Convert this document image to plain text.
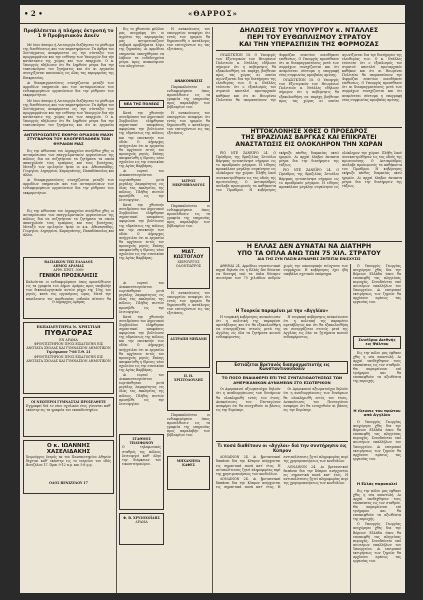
• 2 •	«ΘΑΡΡΟΣ»
Προβλέπεται ή πλήρης έκτροπή το 1 9 Προβησιακόν Δεκέν

Μέ ίσον άπτομο ή Λειτουργία διεξάγεται το μίσθωμα της διευθύνσεως και των παρατηρήσεων. Τα άρθρα του Συντάγματος αναφέρονται εις την σύνταξιν των προγραμμάτων και την ευθύνην των Υπουργών δια τήν κατάστασιν της χώρας και των επαρχιών. Ο κ. Υπουργός εδήλωσεν ότι θα ληφθούν μέτρα δια την τακτοποίησιν του ζητήματος και ότι αι εργασίαι συνεχίζονται κανονικώς εις όλας τας περιφερείας της Επικρατείας.

Αι διαπραγματεύσεις συνεχίζονται μεταξύ των αρμοδίων υπηρεσιών και των αντιπροσώπων των ενδιαφερομένων οργανώσεων δια την ρύθμισιν των εκκρεμοτήτων.

Μέ ίσον άπτομο ή Λειτουργία διεξάγεται το μίσθωμα της διευθύνσεως και των παρατηρήσεων. Τα άρθρα του Συντάγματος αναφέρονται εις την σύνταξιν των προγραμμάτων και την ευθύνην των Υπουργών δια τήν κατάστασιν της χώρας και των επαρχιών. Ο κ. Υπουργός εδήλωσεν ότι θα ληφθούν μέτρα δια την τακτοποίησιν του ζητήματος και ότι αι εργασίαι

ΑΝΤΙΠΡΟΣΩΠΕΥΣ ΕΚΘΡΟΙ ΟΡΙΑΧΟΝ ΜΑΧΗ ΣΤΥΓΒΑΡΟΝ ΤΟΥ ΚΛΟΠΡΕΠΛΩΘΕΝ ΤΩΝ ΘΥΡΑΙΩΝ ΜΑΣ

Εις την αίθουσαν του Δημαρχείου συνήλθον χθες οι αντιπρόσωποι των επαγγελματικών οργανώσεων της πόλεως δια να συζητήσουν τα ζητήματα τα οποία απασχολούν τους εμπόρους και τους βιοτέχνας. Μεταξύ των ομιλητών ήσαν οι κ.κ. Αθανασιάδης, Γεωργίου, Δημητρίου, Καραγιάννης, Παπαδόπουλος και άλλοι.

Αι διαπραγματεύσεις συνεχίζονται μεταξύ των αρμοδίων υπηρεσιών και των αντιπροσώπων των ενδιαφερομένων οργανώσεων δια την ρύθμισιν των εκκρεμοτήτων.

Εις την αίθουσαν του Δημαρχείου συνήλθον χθες οι αντιπρόσωποι των επαγγελματικών οργανώσεων της πόλεως δια να συζητήσουν τα ζητήματα τα οποία απασχολούν τους εμπόρους και τους βιοτέχνας. Μεταξύ των ομιλητών ήσαν οι κ.κ. Αθανασιάδης, Γεωργίου, Δημητρίου, Καραγιάννης, Παπαδόπουλος και άλλοι.

ΒΑΣΙΛΙΚΟΝ ΤΗΣ ΕΛΛΑΔΟΣ
ΔΗΜΟΣ ΔΡΑΜΑΣ
ΑΡΙΘ. ΠΡΩΤ. 3069
ΓΕΝΙΚΗ ΠΡΟΣΚΛΗΣΙΣ
Καλούνται οι ενδιαφερόμενοι όπως προσέλθωσιν εις τα γραφεία του Δήμου Δράμας προς υποβολήν των δικαιολογητικών αυτών μέχρι της 15ης του μηνός, κατά τας εργασίμους ώρας. Μετά την παρέλευσιν της προθεσμίας ουδεμία αίτησις θα
Ο Δήμαρχος Δράμας
ΕΚΠΑΙΔΕΥΤΗΡΙΑ Ν. ΧΡΗΣΤΙΔΗ
ΠΥΘΑΓΟΡΑΣ
ΕΝ ΔΡΑΜΑ
ΦΡΟΝΤΙΣΤΗΡΙΟΝ ΠΡΟΣ ΕΙΣΑΓΩΓΗΝ ΕΙΣ ΑΝΩΤΑΤΑ ΣΧΟΛΑΣ ΚΑΙ ΓΥΜΝΑΣΙΟΝ ΔΗΜΟΤΙΚΟΝ
Τηλέφωνον 7-66 Τ.Θ. 21
ΦΡΟΝΤΙΣΤΗΡΙΟΝ ΠΡΟΣ ΕΙΣΑΓΩΓΗΝ ΕΙΣ ΑΝΩΤΑΤΑ ΣΧΟΛΑΣ ΚΑΙ ΓΥΜΝΑΣΙΟΝ ΔΗΜΟΤΙΚΟΝ
ΟΙ ΝΕΩΤΕΡΟΙ ΓΥΜΝΑΣΤΑΙ ΠΡΟΣΕΛΘΕΤΕ
Εγγραφαί διά το νέον σχολικόν έτος γίνονται καθ' εκάστην εις τα γραφεία του εκπαιδευτηρίου.
Ο κ. ΙΩΑΝΝΗΣ ΧΑΣΕΛΙΔΑΚΗΣ
Χειρούργος Ιατρός εκ του Πανεπιστημίου Αθηνών δέχεται καθ' εκάστην εις το ιατρείον του οδός Βενιζέλου 17. Ώραι 9-12 π.μ. και 5-8 μ.μ.
ΟΔΟΣ ΒΕΝΙΖΕΛΟΥ 17

Εις το χθεσινόν φύλλον μας ανεγράφη ότι οι αγρόται της περιφερείας μας αντιμετωπίζουν σοβαρά προβλήματα λόγω της ξηρασίας. Αι αρμόδιαι υπηρεσίαι υπεσχέθησαν να λάβουν τα ενδεδειγμένα μέτρα προς ανακούφισιν των πληγέντων.

ΝΕΑ ΤΗΣ ΠΟΛΕΩΣ

Κατά την χθεσινήν συνεδρίασιν του Δημοτικού Συμβουλίου ελήφθησαν σημαντικαί αποφάσεις αφορώσαι την βελτίωσιν της υδρεύσεως της πόλεως και την επισκευήν των οδών. Ο Δήμαρχος ανήγγειλεν ότι αι εργασίαι θα αρχίσουν εντός του προσεχούς μηνός. Επίσης απεφασίσθη η ίδρυσις νέου σχολείου εις την συνοικίαν της Αγίας Βαρβάρας.

Αι εορταί του Δεκαπενταυγούστου εωρτάσθησαν μετά μεγάλης λαμπρότητος εις όλας τας εκκλησίας της πόλεως. Πλήθος πιστών προσήλθε εις την λειτουργίαν.

Κατά την χθεσινήν συνεδρίασιν του Δημοτικού Συμβουλίου ελήφθησαν σημαντικαί αποφάσεις αφορώσαι την βελτίωσιν της υδρεύσεως της πόλεως και την επισκευήν των οδών. Ο Δήμαρχος ανήγγειλεν ότι αι εργασίαι θα αρχίσουν εντός του προσεχούς μηνός. Επίσης απεφασίσθη η ίδρυσις νέου σχολείου εις την συνοικίαν της Αγίας Βαρβάρας.

Αι εορταί του Δεκαπενταυγούστου εωρτάσθησαν μετά μεγάλης λαμπρότητος εις όλας τας εκκλησίας της πόλεως. Πλήθος πιστών προσήλθε εις την λειτουργίαν.

Κατά την χθεσινήν συνεδρίασιν του Δημοτικού Συμβουλίου ελήφθησαν σημαντικαί αποφάσεις αφορώσαι την βελτίωσιν της υδρεύσεως της πόλεως και την επισκευήν των οδών. Ο Δήμαρχος ανήγγειλεν ότι αι εργασίαι θα αρχίσουν εντός του προσεχούς μηνός. Επίσης απεφασίσθη η ίδρυσις νέου σχολείου εις την συνοικίαν της Αγίας Βαρβάρας.

Αι εορταί του Δεκαπενταυγούστου εωρτάσθησαν μετά μεγάλης λαμπρότητος εις όλας τας εκκλησίας της πόλεως. Πλήθος πιστών προσήλθε εις την λειτουργίαν.

ΣΤΑΘΜΟΣ ΤΗΛΕΦΩΝΟΥ
Ο τηλεφωνικός σταθμός της πόλεως λειτουργεί καθ' όλην την διάρκειαν του εικοσιτετραώρου.
Φ. Β. ΧΡΥΣΟΧΟΪΔΗΣ
ΔΡΑΜΑ

Η ανακοίνωσις του υπουργείου αναφέρει ότι εντός των ημερών θα δημοσιευθή ο κατάλογος των επιτυχόντων εις τας εξετάσεις.

ΑΝΑΚΟΙΝΩΣΙΣ

Παρακαλούνται οι ενδιαφερόμενοι όπως προσέλθωσιν εις τα γραφεία της υπηρεσίας προς παραλαβήν των βιβλιαρίων των.

Η ανακοίνωσις του υπουργείου αναφέρει ότι εντός των ημερών θα δημοσιευθή ο κατάλογος των επιτυχόντων εις τας εξετάσεις.

ΙΑΤΡΟΣ ΜΙΚΡΟΒΙΟΛΟΓΟΣ

Παρακαλούνται οι ενδιαφερόμενοι όπως προσέλθωσιν εις τα γραφεία της υπηρεσίας προς παραλαβήν των βιβλιαρίων των.

ΜΙΑΤ. ΚΩΣΤΟΓΛΟΥ
ΧΕΙΡΟΥΡΓΟΣ ΟΔΟΝΤΙΑΤΡΟΣ

Η ανακοίνωσις του υπουργείου αναφέρει ότι εντός των ημερών θα δημοσιευθή ο κατάλογος των επιτυχόντων εις τας εξετάσεις.

ΑΣΤΡΑΠΗ ΜΗΧΑΝΗ
Π. Η. ΧΡΙΣΤΟΔΟΥΛΗΣ

Παρακαλούνται οι ενδιαφερόμενοι όπως προσέλθωσιν εις τα γραφεία της υπηρεσίας προς παραλαβήν των βιβλιαρίων των.

ΜΗΧΑΝΗΜΑ ΚΑΦΕΣ
ΔΗΛΩΣΕΙΣ ΤΟΥ ΥΠΟΥΡΓΟΥ κ. ΝΤΑΛΛΕΣ
ΠΕΡΙ ΤΟΥ ΕΥΘΩΠΛΙΣΜΟΥ ΣΤΡΑΤΟΥ
ΚΑΙ ΤΗΝ ΥΠΕΡΑΣΠΙΣΙΝ ΤΗΣ ΦΟΡΜΟΖΑΣ

ΟΥΑΣΙΓΚΤΩΝ 18. Ο Υπουργός των Εξωτερικών των Ηνωμένων Πολιτειών κ. Ντάλλες εδήλωσε σήμερον ότι η κυβέρνησις θα εξακολουθήση να παρέχη βοήθειαν προς τας χώρας αι οποίαι αγωνίζονται δια την διατήρησιν της ελευθερίας των. Ο κ. Ντάλλες ετόνισεν ότι ο εξοπλισμός του στρατού αποτελεί πρωταρχικόν καθήκον και ότι αι Ηνωμέναι Πολιτείαι θα υπερασπίσουν την Φορμόζαν εναντίον οιασδήποτε επιθέσεως. Ο Υπουργός προσέθεσεν ότι αι διαπραγματεύσεις μετά των συμμάχων συνεχίζονται και ότι αναμένεται σύντομα η υπογραφή νέας συμφωνίας αμοιβαίας αμύνης.

ΟΥΑΣΙΓΚΤΩΝ 18. Ο Υπουργός των Εξωτερικών των Ηνωμένων Πολιτειών κ. Ντάλλες εδήλωσε σήμερον ότι η κυβέρνησις θα εξακολουθήση να παρέχη βοήθειαν προς τας χώρας αι οποίαι αγωνίζονται δια την διατήρησιν της ελευθερίας των. Ο κ. Ντάλλες ετόνισεν ότι ο εξοπλισμός του στρατού αποτελεί πρωταρχικόν καθήκον και ότι αι Ηνωμέναι Πολιτείαι θα υπερασπίσουν την Φορμόζαν εναντίον οιασδήποτε επιθέσεως. Ο Υπουργός προσέθεσεν ότι αι διαπραγματεύσεις μετά των συμμάχων συνεχίζονται και ότι αναμένεται σύντομα η υπογραφή νέας συμφωνίας αμοιβαίας αμύνης.

ΗΤΤΟΚΛΟΝΗΣΕ ΧΘΕΣ Ο ΠΡΟΕΔΡΟΣ
ΤΗΣ ΒΡΑΖΙΛΙΑΣ ΒΑΡΓΚΑΣ ΚΑΙ ΕΠΙΚΡΑΤΕΙ
ΑΝΑΣΤΑΤΩΣΙΣ ΕΙΣ ΟΛΟΚΛΗΡΟΝ ΤΗΝ ΧΩΡΑΝ

ΡΙΟ ΝΤΕ ΖΑΝΕΪΡΟ 24. Ο Πρόεδρος της Βραζιλίας Ζετούλιο Βάργκας ηυτοκτόνησε σήμερον εις το προεδρικόν μέγαρον. Η είδησις προεκάλεσε μεγάλην συγκίνησιν εις ολόκληρον την χώραν. Πλήθη λαού συνεκεντρώθησαν εις τας οδούς της πρωτευούσης. Ο Αντιπρόεδρος ανέλαβε προσωρινώς τα καθήκοντα του Προέδρου. Η κυβέρνησις εκήρυξε πένθος διαρκείας οκτώ ημερών. Αι αρχαί έλαβον έκτακτα μέτρα δια την διατήρησιν της τάξεως.

ΡΙΟ ΝΤΕ ΖΑΝΕΪΡΟ 24. Ο Πρόεδρος της Βραζιλίας Ζετούλιο Βάργκας ηυτοκτόνησε σήμερον εις το προεδρικόν μέγαρον. Η είδησις προεκάλεσε μεγάλην συγκίνησιν εις ολόκληρον την χώραν. Πλήθη λαού συνεκεντρώθησαν εις τας οδούς της πρωτευούσης. Ο Αντιπρόεδρος ανέλαβε προσωρινώς τα καθήκοντα του Προέδρου. Η κυβέρνησις εκήρυξε πένθος διαρκείας οκτώ ημερών. Αι αρχαί έλαβον έκτακτα μέτρα δια την διατήρησιν της τάξεως.

Η ΕΛΛΑΣ ΔΕΝ ΔΥΝΑΤΑΙ ΝΑ ΔΙΑΤΗΡΗ
ΥΠΟ ΤΑ ΟΠΛΑ ΑΝΩ ΤΩΝ 75 ΧΙΛ. ΣΤΡΑΤΟΥ
ΔΙΑ ΤΗΣ ΣΥΝ ΠΑΣΙΝ ΔΥΝΑΜΕΙΣ ΖΗΤΕΙΤΑΙ ΕΝΙΣΧΥΣΙΣ

ΑΘΗΝΑΙ 24. Αρμόδιαι στρατιωτικαί πηγαί δηλούν ότι η Ελλάς δεν δύναται να διατηρή υπό τα όπλα δύναμιν ανωτέραν των 75 χιλιάδων ανδρών χωρίς την οικονομικήν ενίσχυσιν των συμμάχων. Η κυβέρνησις έχει ήδη υποβάλει σχετικόν υπόμνημα.

Η Τουρκία παραμένει με την «Αγγλίαν»

Η τουρκική κυβέρνησις ανεκοίνωσεν ότι η πολιτική της παραμένει αμετάβλητος και ότι θα εξακολουθήση να συνεργάζεται στενώς μετά της Αγγλίας εις όλα τα ζητήματα κοινού ενδιαφέροντος.

Η τουρκική κυβέρνησις ανεκοίνωσεν ότι η πολιτική της παραμένει αμετάβλητος και ότι θα εξακολουθήση να συνεργάζεται στενώς μετά της Αγγλίας εις όλα τα ζητήματα κοινού ενδιαφέροντος.

Εστιάζεται Βρετανός διαπραγματευτής εις Κωνσταντινούπολιν
ΤΟ ΠΟΣΟ ΕΝΔΙΑΦΕΡΕΙ ΕΠΙ ΤΗΣ ΣΥΝΤΑΞΙΟΔΟΤΗΣΕΩΣ ΤΩΝ ΑΜΕΡΙΚΑΝΙΚΩΝ ΔΥΝΑΜΕΩΝ ΣΤΟ ΕΣΩΤΕΡΙΚΟΝ

Οι Αμερικανοί αξιωματούχοι δηλούν ότι η αναδιοργάνωσις των δυνάμεων θα ολοκληρωθή εντός του έτους. Ανακοίνωσις του Πενταγώνου αναφέρει ότι θα ενισχυθούν αι βάσεις εις την Ευρώπην.

Οι Αμερικανοί αξιωματούχοι δηλούν ότι η αναδιοργάνωσις των δυνάμεων θα ολοκληρωθή εντός του έτους. Ανακοίνωσις του Πενταγώνου αναφέρει ότι θα ενισχυθούν αι βάσεις εις την Ευρώπην.

Τι ποσά διαθέτουν οι «Αγγλοι» διά την συντήρησιν εις Κύπρον

ΛΟΝΔΙΝΟΝ 24. Αι βρεταννικαί δαπάναι δια την Κύπρον ανέρχονται εις σημαντικά ποσά κατ' έτος. Η αντιπολίτευσις ζητεί πληροφορίας περί της χρησιμοποιήσεως των κονδυλίων.

ΛΟΝΔΙΝΟΝ 24. Αι βρεταννικαί δαπάναι δια την Κύπρον ανέρχονται εις σημαντικά ποσά κατ' έτος. Η αντιπολίτευσις ζητεί πληροφορίας περί της χρησιμοποιήσεως των κονδυλίων.

ΛΟΝΔΙΝΟΝ 24. Αι βρεταννικαί δαπάναι δια την Κύπρον ανέρχονται εις σημαντικά ποσά κατ' έτος. Η αντιπολίτευσις ζητεί πληροφορίας περί της χρησιμοποιήσεως των κονδυλίων.

Ο Υπουργός Γεωργίας ανεχώρησε χθες δια την Βόρειον Ελλάδα όπου θα επισκεφθή τας πληγείσας περιοχάς. Συνοδεύεται υπό ανωτέρων υπαλλήλων του Υπουργείου. Αι επιτροπαί εκτιμήσεως των ζημιών θα αρχίσουν αμέσως τας εργασίας των.

Συνέδρια Διεθνής εις Ψάλτου

Εις την πόλιν μας έφθασε χθες η νέα αποστολή. Αι αρχαί υπεδέχθησαν τους επισκέπτας εις τον σταθμόν. Θα παραμείνουν επί τριήμερον και θα επισκεφθούν τα αξιοθέατα της περιοχής.

Η έλευσις του πρώτου από Αγγλίαν

Ο Υπουργός Γεωργίας ανεχώρησε χθες δια την Βόρειον Ελλάδα όπου θα επισκεφθή τας πληγείσας περιοχάς. Συνοδεύεται υπό ανωτέρων υπαλλήλων του Υπουργείου. Αι επιτροπαί εκτιμήσεως των ζημιών θα αρχίσουν αμέσως τας εργασίας των.

Η Ελλάς παρακαλεί

Εις την πόλιν μας έφθασε χθες η νέα αποστολή. Αι αρχαί υπεδέχθησαν τους επισκέπτας εις τον σταθμόν. Θα παραμείνουν επί τριήμερον και θα επισκεφθούν τα αξιοθέατα της περιοχής.

Ο Υπουργός Γεωργίας ανεχώρησε χθες δια την Βόρειον Ελλάδα όπου θα επισκεφθή τας πληγείσας περιοχάς. Συνοδεύεται υπό ανωτέρων υπαλλήλων του Υπουργείου. Αι επιτροπαί εκτιμήσεως των ζημιών θα αρχίσουν αμέσως τας εργασίας των.
